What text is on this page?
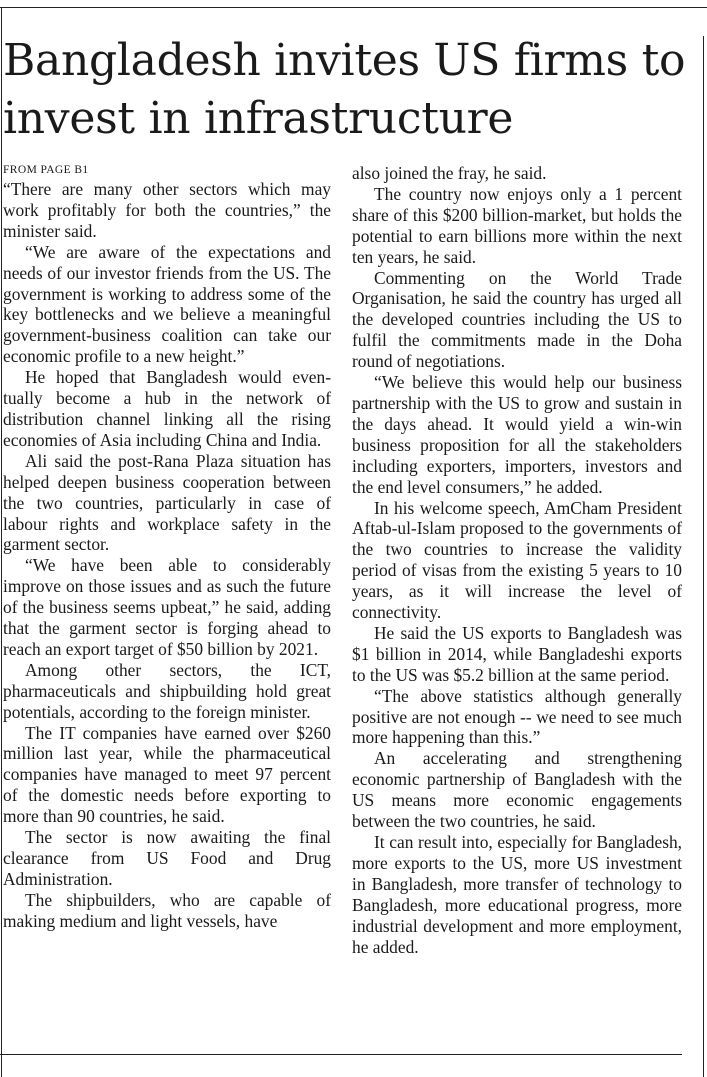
Bangladesh invites US firms to invest in infrastructure
FROM PAGE B1

“There are many other sectors which may work profitably for both the countries,” the minister said.

“We are aware of the expectations and needs of our investor friends from the US. The government is working to address some of the key bottlenecks and we believe a meaningful government-business coalition can take our economic profile to a new height.”

He hoped that Bangladesh would eventually become a hub in the network of distribution channel linking all the rising economies of Asia including China and India.

Ali said the post-Rana Plaza situation has helped deepen business cooperation between the two countries, particularly in case of labour rights and workplace safety in the garment sector.

“We have been able to considerably improve on those issues and as such the future of the business seems upbeat,” he said, adding that the garment sector is forging ahead to reach an export target of $50 billion by 2021.

Among other sectors, the ICT, pharmaceuticals and shipbuilding hold great potentials, according to the foreign minister.

The IT companies have earned over $260 million last year, while the pharmaceutical companies have managed to meet 97 percent of the domestic needs before exporting to more than 90 countries, he said.

The sector is now awaiting the final clearance from US Food and Drug Administration.

The shipbuilders, who are capable of making medium and light vessels, have

also joined the fray, he said.

The country now enjoys only a 1 percent share of this $200 billion-market, but holds the potential to earn billions more within the next ten years, he said.

Commenting on the World Trade Organisation, he said the country has urged all the developed countries including the US to fulfil the commitments made in the Doha round of negotiations.

“We believe this would help our business partnership with the US to grow and sustain in the days ahead. It would yield a win-win business proposition for all the stakeholders including exporters, importers, investors and the end level consumers,” he added.

In his welcome speech, AmCham President Aftab-ul-Islam proposed to the governments of the two countries to increase the validity period of visas from the existing 5 years to 10 years, as it will increase the level of connectivity.

He said the US exports to Bangladesh was $1 billion in 2014, while Bangladeshi exports to the US was $5.2 billion at the same period.

“The above statistics although generally positive are not enough -- we need to see much more happening than this.”

An accelerating and strengthening economic partnership of Bangladesh with the US means more economic engagements between the two countries, he said.

It can result into, especially for Bangladesh, more exports to the US, more US investment in Bangladesh, more transfer of technology to Bangladesh, more educational progress, more industrial development and more employment, he added.
